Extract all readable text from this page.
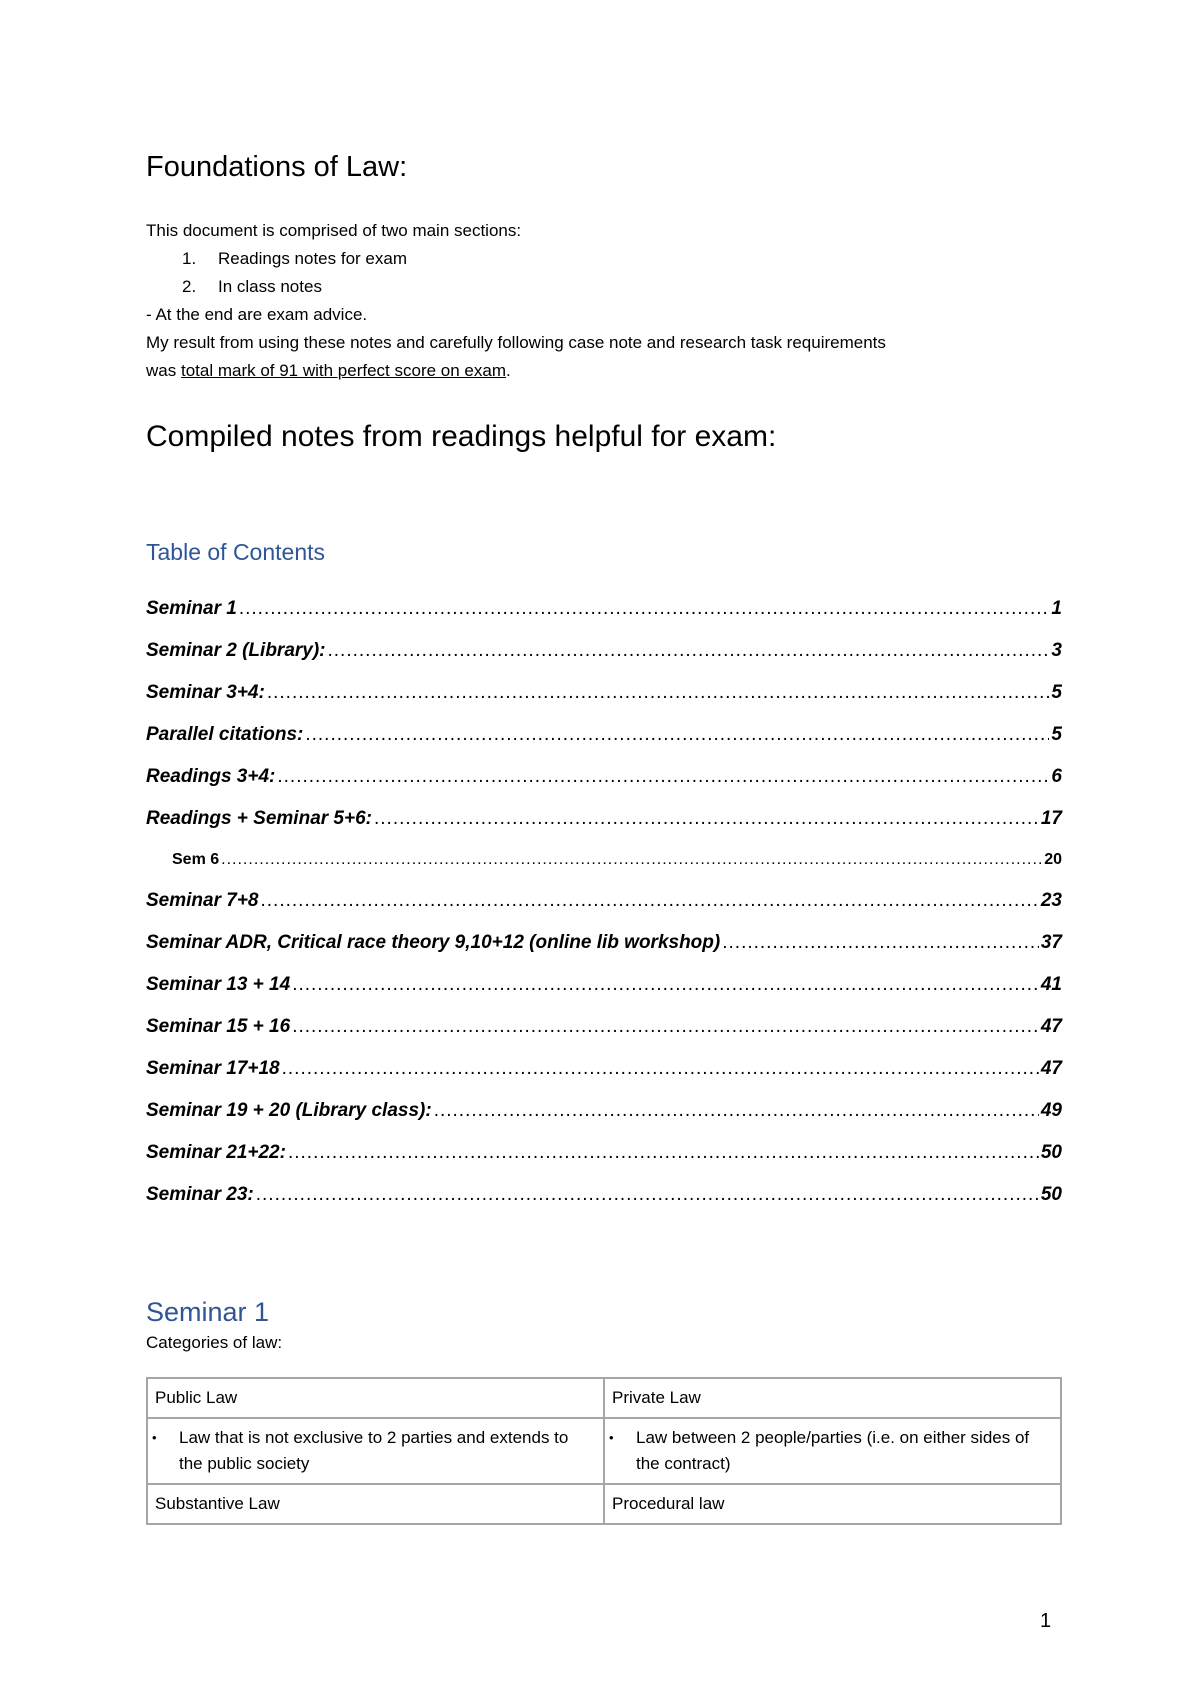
Foundations of Law:
This document is comprised of two main sections:
1. Readings notes for exam
2. In class notes
- At the end are exam advice.
My result from using these notes and carefully following case note and research task requirements
was total mark of 91 with perfect score on exam.
Compiled notes from readings helpful for exam:
Table of Contents
Seminar 1 .....	1
Seminar 2 (Library): .....	3
Seminar 3+4: .....	5
Parallel citations: .....	5
Readings 3+4: .....	6
Readings + Seminar 5+6: .....	17
Sem 6 .....	20
Seminar 7+8 .....	23
Seminar ADR, Critical race theory 9,10+12 (online lib workshop) .....	37
Seminar 13 + 14 .....	41
Seminar 15 + 16 .....	47
Seminar 17+18 .....	47
Seminar 19 + 20 (Library class): .....	49
Seminar 21+22: .....	50
Seminar 23: .....	50
Seminar 1

Categories of law:

Public Law	Private Law

• Law that is not exclusive to 2 parties and extends to the public society	• Law between 2 people/parties (i.e. on either sides of the contract)

Substantive Law	Procedural law
1
